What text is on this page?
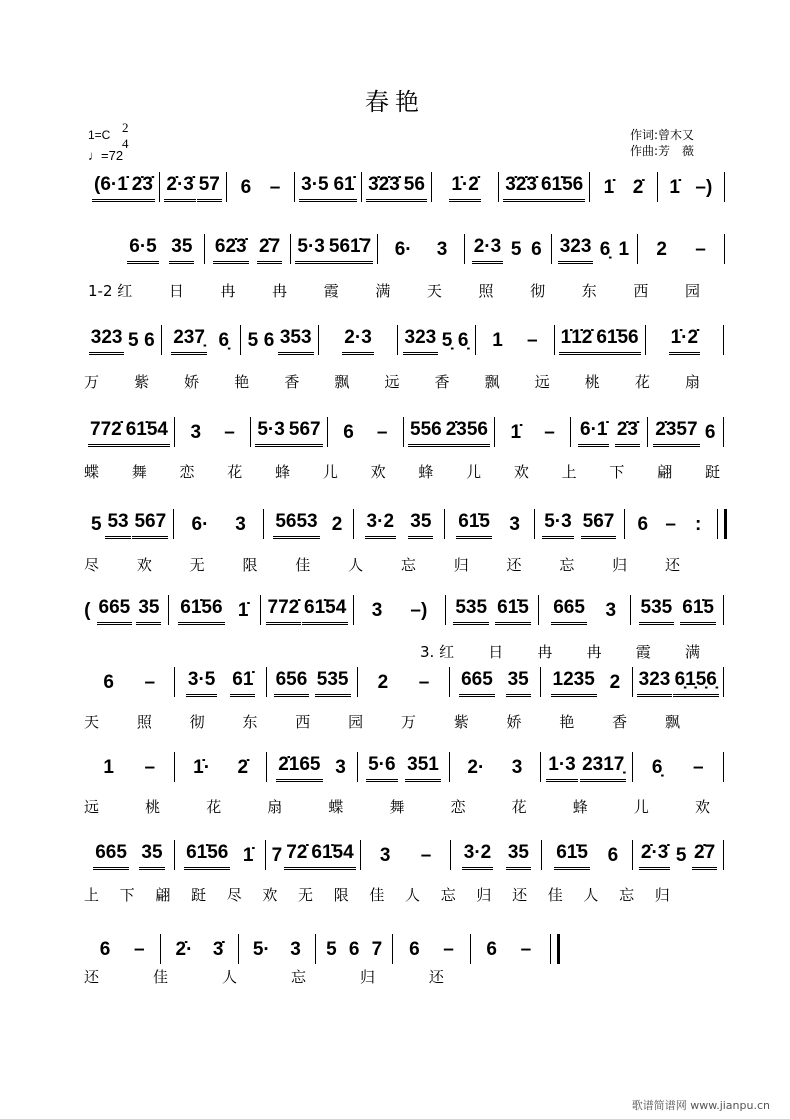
春艳
1=C 2
4
♩=72
作词:曾木又
作曲:芳　薇
(6·1̇ 2̇3̇ 2̇·3̇ 57 6 – 3·5 61̇ 3̇2̇3̇ 56 1̇·2̇ 3̇2̇3̇ 61̇56 1̇ 2̇ 1̇ –)
6·5 35 62̇3̇ 2̇7 5·3 561̇7 6· 3 2·3 5 6 323 6̣ 1 2 –
323 5 6 237̣ 6̣ 5 6 353 2·3 323 5̣ 6̣ 1 – 1̇1̇2̇ 61̇56 1̇·2̇
772̇ 61̇54 3 – 5·3 567 6 – 556 2̇356 1̇ – 6·1̇ 2̇3̇ 2̇357 6
5 53 567 6· 3 5653 2 3·2 35 61̇5 3 5·3 567 6 –　:
( 665 35 61̇56 1̇ 772̇ 61̇54 3 –) 535 61̇5 665 3 535 61̇5
6 – 3·5 61̇ 656 535 2 – 665 35 1235 2 323 6̣1̣5̣6̣
1 – 1̇· 2̇ 2̇165 3 5·6 351 2· 3 1·3 2317̣ 6̣ –
665 35 61̇56 1̇ 7 72̇ 61̇54 3 – 3·2 35 61̇5 6 2̇·3̇ 5 2̇7
6 – 2̇· 3̇ 5· 3 5 6 7 6 – 6 –
1-2 红 日 冉 冉 霞 满 天 照 彻 东 西 园
万 紫 娇 艳 香 飘 远 香 飘 远 桃 花 扇
蝶 舞 恋 花 蜂 儿 欢 蜂 儿 欢 上 下 翩 跹
尽	欢	无	限	佳	人	忘	归	还	忘	归	还
3. 红 日 冉 冉 霞 满
天	照	彻	东	西	园	万	紫	娇	艳	香	飘
远	桃	花	扇	蝶	舞	恋	花	蜂	儿	欢
上 下 翩 跹 尽 欢 无 限 佳 人 忘 归 还 佳 人 忘 归
还	佳	人	忘	归	还
歌谱简谱网 www.jianpu.cn
